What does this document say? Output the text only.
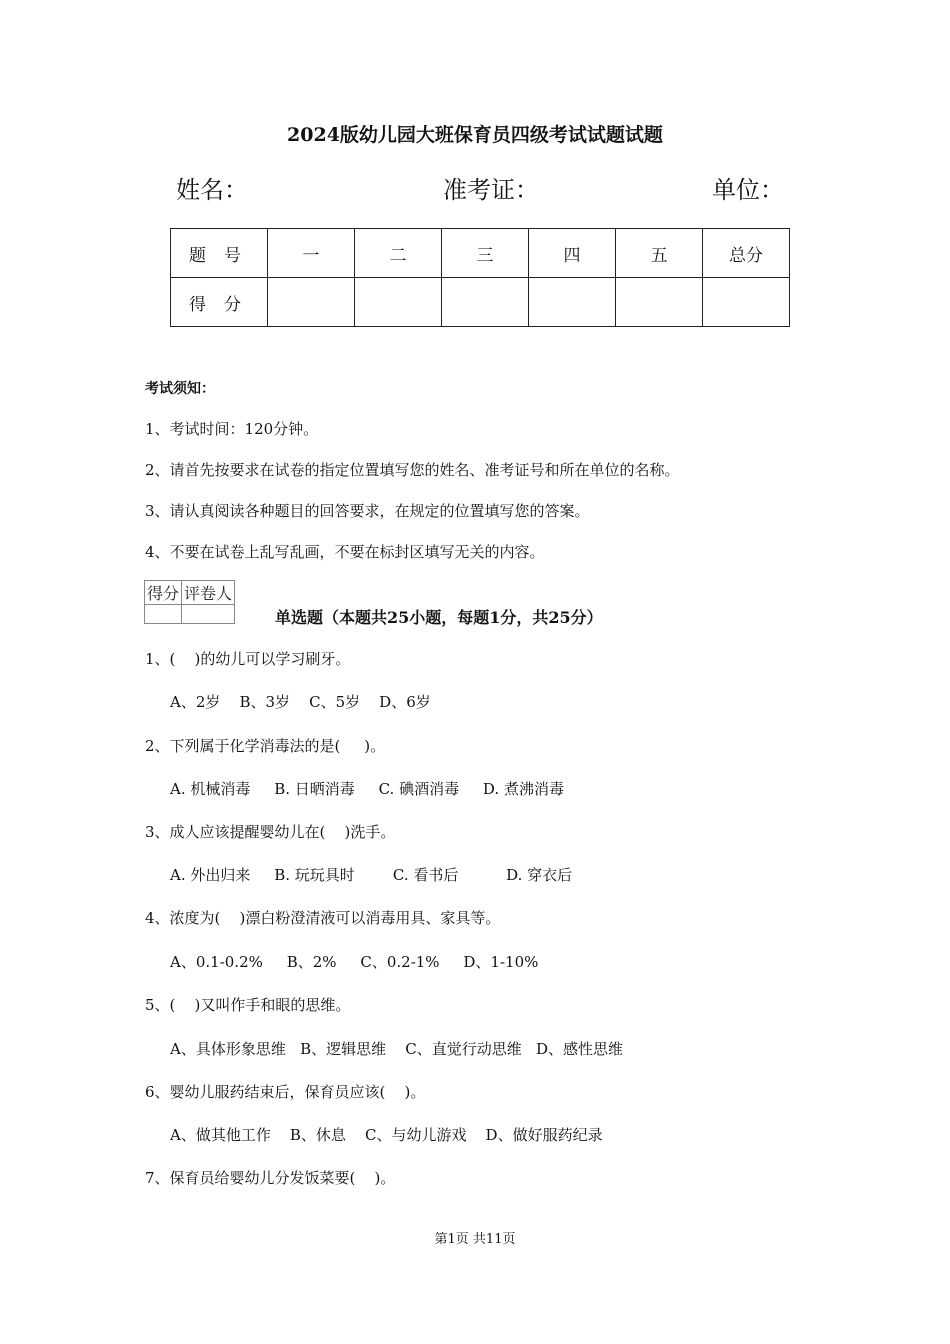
2024版幼儿园大班保育员四级考试试题试题
姓名：	准考证：	单位：
题号	一	二	三	四	五	总分
得分						
考试须知：
1、考试时间：120分钟。
2、请首先按要求在试卷的指定位置填写您的姓名、准考证号和所在单位的名称。
3、请认真阅读各种题目的回答要求，在规定的位置填写您的答案。
4、不要在试卷上乱写乱画，不要在标封区填写无关的内容。
得分	评卷人

单选题（本题共25小题，每题1分，共25分）
1、(    )的幼儿可以学习刷牙。
A、2岁    B、3岁    C、5岁    D、6岁
2、下列属于化学消毒法的是(     )。
A. 机械消毒     B. 日晒消毒     C. 碘酒消毒     D. 煮沸消毒
3、成人应该提醒婴幼儿在(    )洗手。
A. 外出归来     B. 玩玩具时        C. 看书后          D. 穿衣后
4、浓度为(    )漂白粉澄清液可以消毒用具、家具等。
A、0.1-0.2%     B、2%     C、0.2-1%     D、1-10%
5、(    )又叫作手和眼的思维。
A、具体形象思维   B、逻辑思维    C、直觉行动思维   D、感性思维
6、婴幼儿服药结束后，保育员应该(    )。
A、做其他工作    B、休息    C、与幼儿游戏    D、做好服药纪录
7、保育员给婴幼儿分发饭菜要(    )。
第1页 共11页
